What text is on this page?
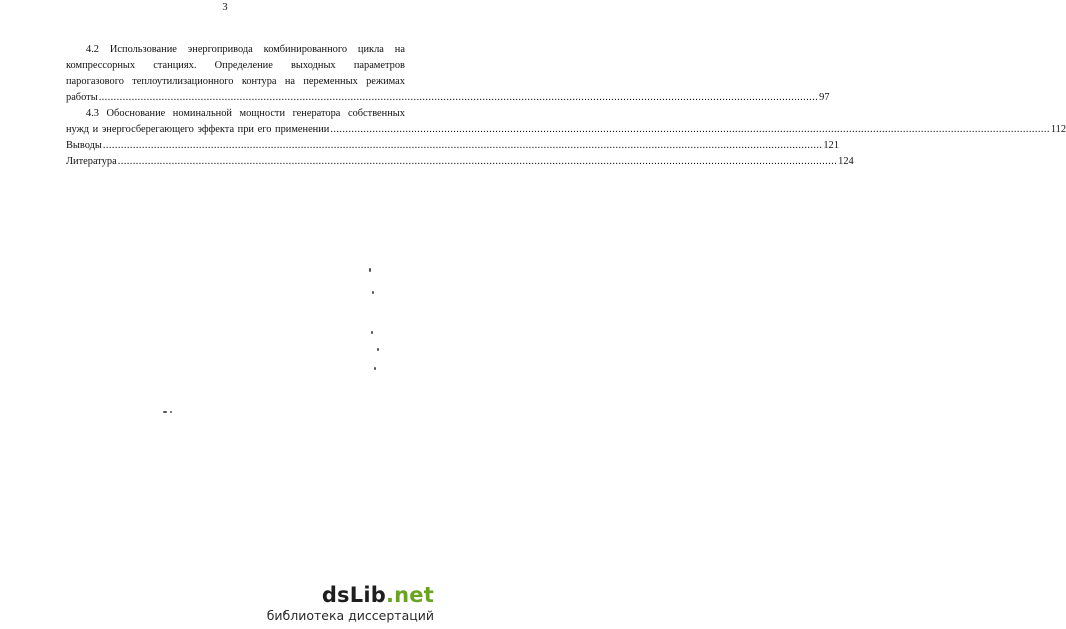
3
4.2 Использование энергопривода комбинированного цикла на
компрессорных станциях. Определение выходных параметров
парогазового теплоутилизационного контура на переменных режимах
работы ................................................................................................................................................................................................................................................ 97
4.3 Обоснование номинальной мощности генератора собственных
нужд и энергосберегающего эффекта при его применении ................................................................................................................................................................................................................................................ 112
Выводы ................................................................................................................................................................................................................................................ 121
Литература ................................................................................................................................................................................................................................................ 124
dsLib.net
библиотека диссертаций
